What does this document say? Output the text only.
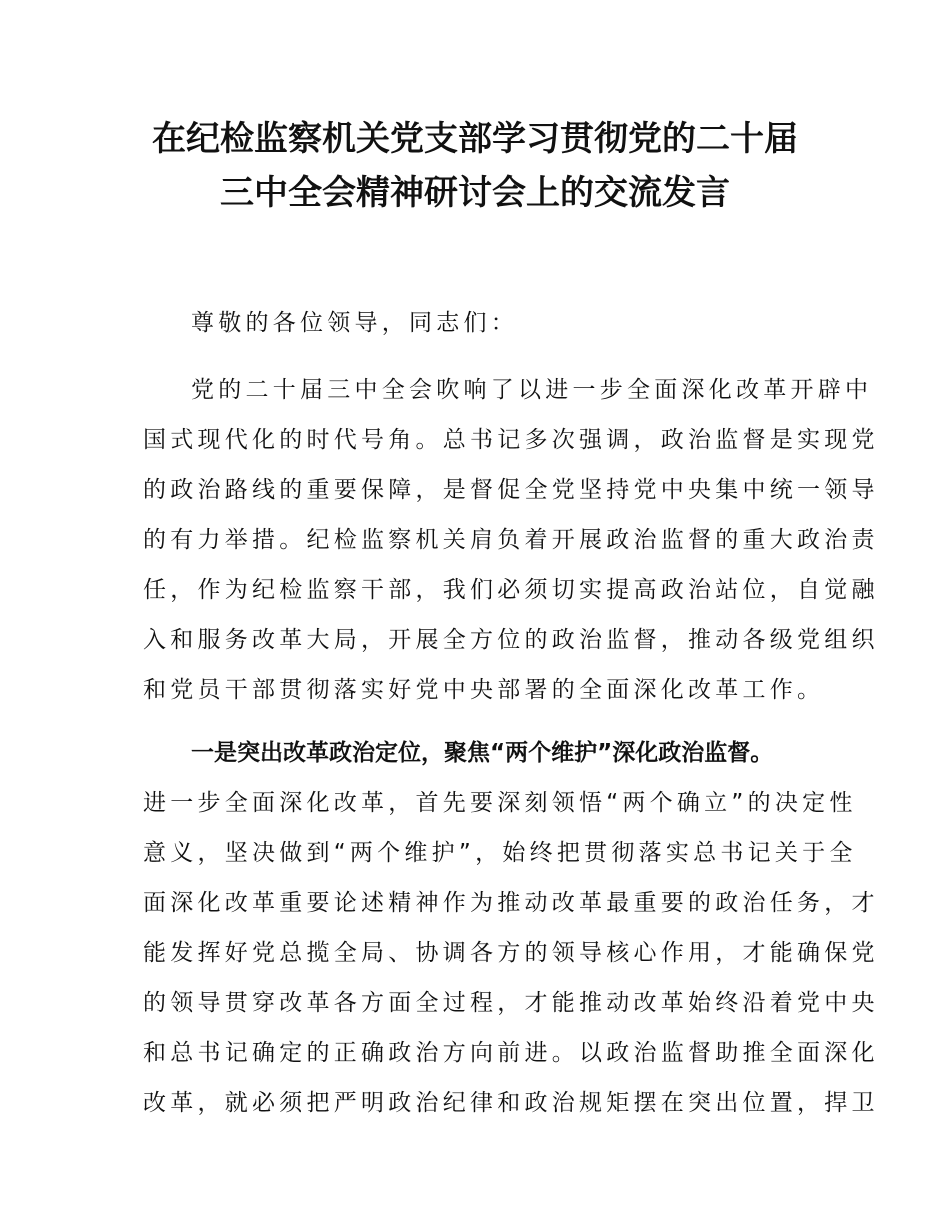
在纪检监察机关党支部学习贯彻党的二十届
三中全会精神研讨会上的交流发言
尊敬的各位领导，同志们：
党的二十届三中全会吹响了以进一步全面深化改革开辟中
国式现代化的时代号角。总书记多次强调，政治监督是实现党
的政治路线的重要保障，是督促全党坚持党中央集中统一领导
的有力举措。纪检监察机关肩负着开展政治监督的重大政治责
任，作为纪检监察干部，我们必须切实提高政治站位，自觉融
入和服务改革大局，开展全方位的政治监督，推动各级党组织
和党员干部贯彻落实好党中央部署的全面深化改革工作。
一是突出改革政治定位，聚焦“两个维护”深化政治监督。
进一步全面深化改革，首先要深刻领悟“两个确立”的决定性
意义，坚决做到“两个维护”，始终把贯彻落实总书记关于全
面深化改革重要论述精神作为推动改革最重要的政治任务，才
能发挥好党总揽全局、协调各方的领导核心作用，才能确保党
的领导贯穿改革各方面全过程，才能推动改革始终沿着党中央
和总书记确定的正确政治方向前进。以政治监督助推全面深化
改革，就必须把严明政治纪律和政治规矩摆在突出位置，捍卫
